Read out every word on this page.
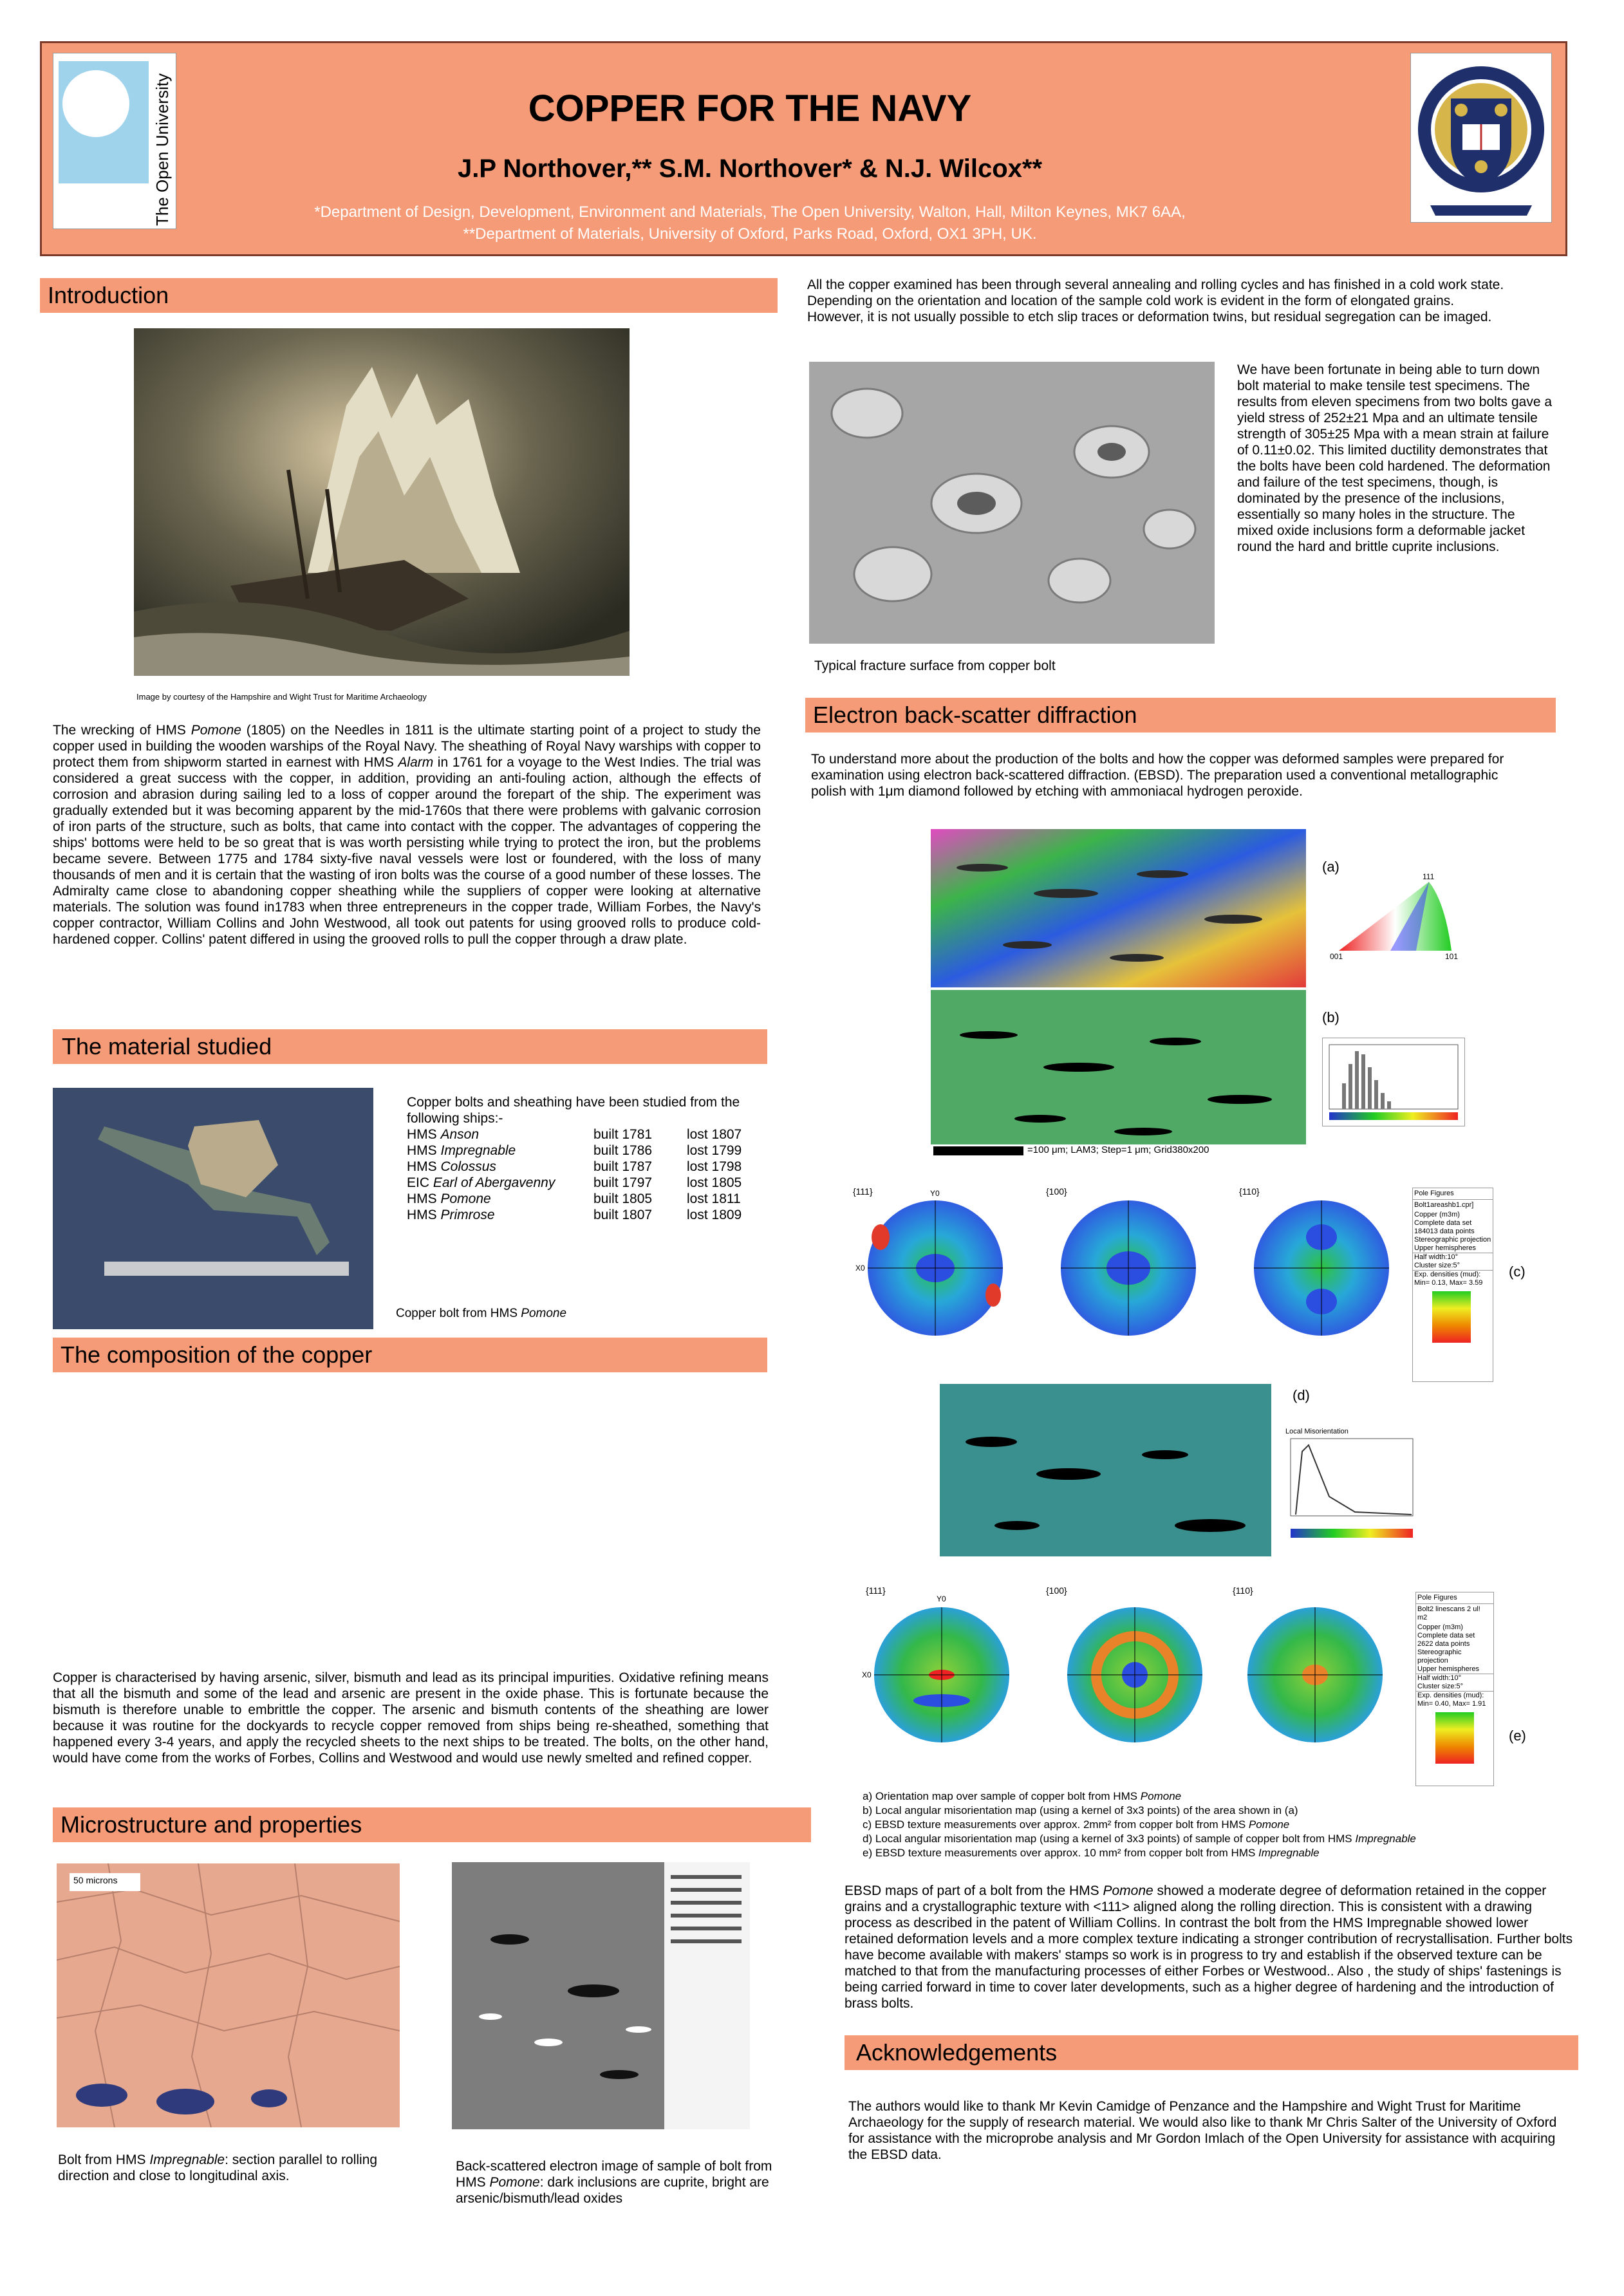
The Open University	COPPER FOR THE NAVY
J.P Northover,** S.M. Northover* & N.J. Wilcox**
*Department of Design, Development, Environment and Materials, The Open University, Walton, Hall, Milton Keynes, MK7 6AA,
**Department of Materials, University of Oxford, Parks Road, Oxford, OX1 3PH, UK.
Introduction
Image by courtesy of the Hampshire and Wight Trust for Maritime Archaeology
The wrecking of HMS Pomone (1805) on the Needles in 1811 is the ultimate starting point of a project to study the copper used in building the wooden warships of the Royal Navy. The sheathing of Royal Navy warships with copper to protect them from shipworm started in earnest with HMS Alarm in 1761 for a voyage to the West Indies. The trial was considered a great success with the copper, in addition, providing an anti-fouling action, although the effects of corrosion and abrasion during sailing led to a loss of copper around the forepart of the ship. The experiment was gradually extended but it was becoming apparent by the mid-1760s that there were problems with galvanic corrosion of iron parts of the structure, such as bolts, that came into contact with the copper. The advantages of coppering the ships' bottoms were held to be so great that is was worth persisting while trying to protect the iron, but the problems became severe. Between 1775 and 1784 sixty-five naval vessels were lost or foundered, with the loss of many thousands of men and it is certain that the wasting of iron bolts was the course of a good number of these losses. The Admiralty came close to abandoning copper sheathing while the suppliers of copper were looking at alternative materials. The solution was found in1783 when three entrepreneurs in the copper trade, William Forbes, the Navy's copper contractor, William Collins and John Westwood, all took out patents for using grooved rolls to produce cold-hardened copper. Collins' patent differed in using the grooved rolls to pull the copper through a draw plate.
The material studied
Copper bolts and sheathing have been studied from the following ships:-
HMS Anson	built 1781	lost 1807
HMS Impregnable	built 1786	lost 1799
HMS Colossus	built 1787	lost 1798
EIC Earl of Abergavenny	built 1797	lost 1805
HMS Pomone	built 1805	lost 1811
HMS Primrose	built 1807	lost 1809
Copper bolt from HMS Pomone
The composition of the copper
Copper is characterised by having arsenic, silver, bismuth and lead as its principal impurities. Oxidative refining means that all the bismuth and some of the lead and arsenic are present in the oxide phase. This is fortunate because the bismuth is therefore unable to embrittle the copper. The arsenic and bismuth contents of the sheathing are lower because it was routine for the dockyards to recycle copper removed from ships being re-sheathed, something that happened every 3-4 years, and apply the recycled sheets to the next ships to be treated. The bolts, on the other hand, would have come from the works of Forbes, Collins and Westwood and would use newly smelted and refined copper.
Microstructure and properties
50 microns
Bolt from HMS Impregnable: section parallel to rolling direction and close to longitudinal axis.
Back-scattered electron image of sample of bolt from HMS Pomone: dark inclusions are cuprite, bright are arsenic/bismuth/lead oxides
All the copper examined has been through several annealing and rolling cycles and has finished in a cold work state. Depending on the orientation and location of the sample cold work is evident in the form of elongated grains. However, it is not usually possible to etch slip traces or deformation twins, but residual segregation can be imaged.
Typical fracture surface from copper bolt
We have been fortunate in being able to turn down bolt material to make tensile test specimens. The results from eleven specimens from two bolts gave a yield stress of 252±21 Mpa and an ultimate tensile strength of 305±25 Mpa with a mean strain at failure of 0.11±0.02. This limited ductility demonstrates that the bolts have been cold hardened. The deformation and failure of the test specimens, though, is dominated by the presence of the inclusions, essentially so many holes in the structure. The mixed oxide inclusions form a deformable jacket round the hard and brittle cuprite inclusions.
Electron back-scatter diffraction
To understand more about the production of the bolts and how the copper was deformed samples were prepared for examination using electron back-scattered diffraction. (EBSD). The preparation used a conventional metallographic polish with 1μm diamond followed by etching with ammoniacal hydrogen peroxide.
(a)
111
001	101
=100 μm; LAM3; Step=1 μm; Grid380x200
(b)
{111}	{100}	{110}
Y0
X0
Pole Figures
Bolt1areashb1.cpr]
Copper (m3m)
Complete data set
184013 data points
Stereographic projection
Upper hemispheres
Half width:10°
Cluster size:5°
Exp. densities (mud):
Min= 0.13, Max= 3.59
(c)
(d)
Local Misorientation
{111}	{100}	{110}
Y0
X0
Pole Figures
Bolt2 linescans 2 ul! m2
Copper (m3m)
Complete data set
2622 data points
Stereographic projection
Upper hemispheres
Half width:10°
Cluster size:5°
Exp. densities (mud):
Min= 0.40, Max= 1.91
(e)
a) Orientation map over sample of copper bolt from HMS Pomone
b) Local angular misorientation map (using a kernel of 3x3 points) of the area shown in (a)
c) EBSD texture measurements over approx. 2mm² from copper bolt from HMS Pomone
d) Local angular misorientation map (using a kernel of 3x3 points) of sample of copper bolt from HMS Impregnable
e) EBSD texture measurements over approx. 10 mm² from copper bolt from HMS Impregnable
EBSD maps of part of a bolt from the HMS Pomone showed a moderate degree of deformation retained in the copper grains and a crystallographic texture with <111> aligned along the rolling direction. This is consistent with a drawing process as described in the patent of William Collins. In contrast the bolt from the HMS Impregnable showed lower retained deformation levels and a more complex texture indicating a stronger contribution of recrystallisation. Further bolts have become available with makers' stamps so work is in progress to try and establish if the observed texture can be matched to that from the manufacturing processes of either Forbes or Westwood.. Also , the study of ships' fastenings is being carried forward in time to cover later developments, such as a higher degree of hardening and the introduction of brass bolts.
Acknowledgements
The authors would like to thank Mr Kevin Camidge of Penzance and the Hampshire and Wight Trust for Maritime Archaeology for the supply of research material. We would also like to thank Mr Chris Salter of the University of Oxford for assistance with the microprobe analysis and Mr Gordon Imlach of the Open University for assistance with acquiring the EBSD data.
